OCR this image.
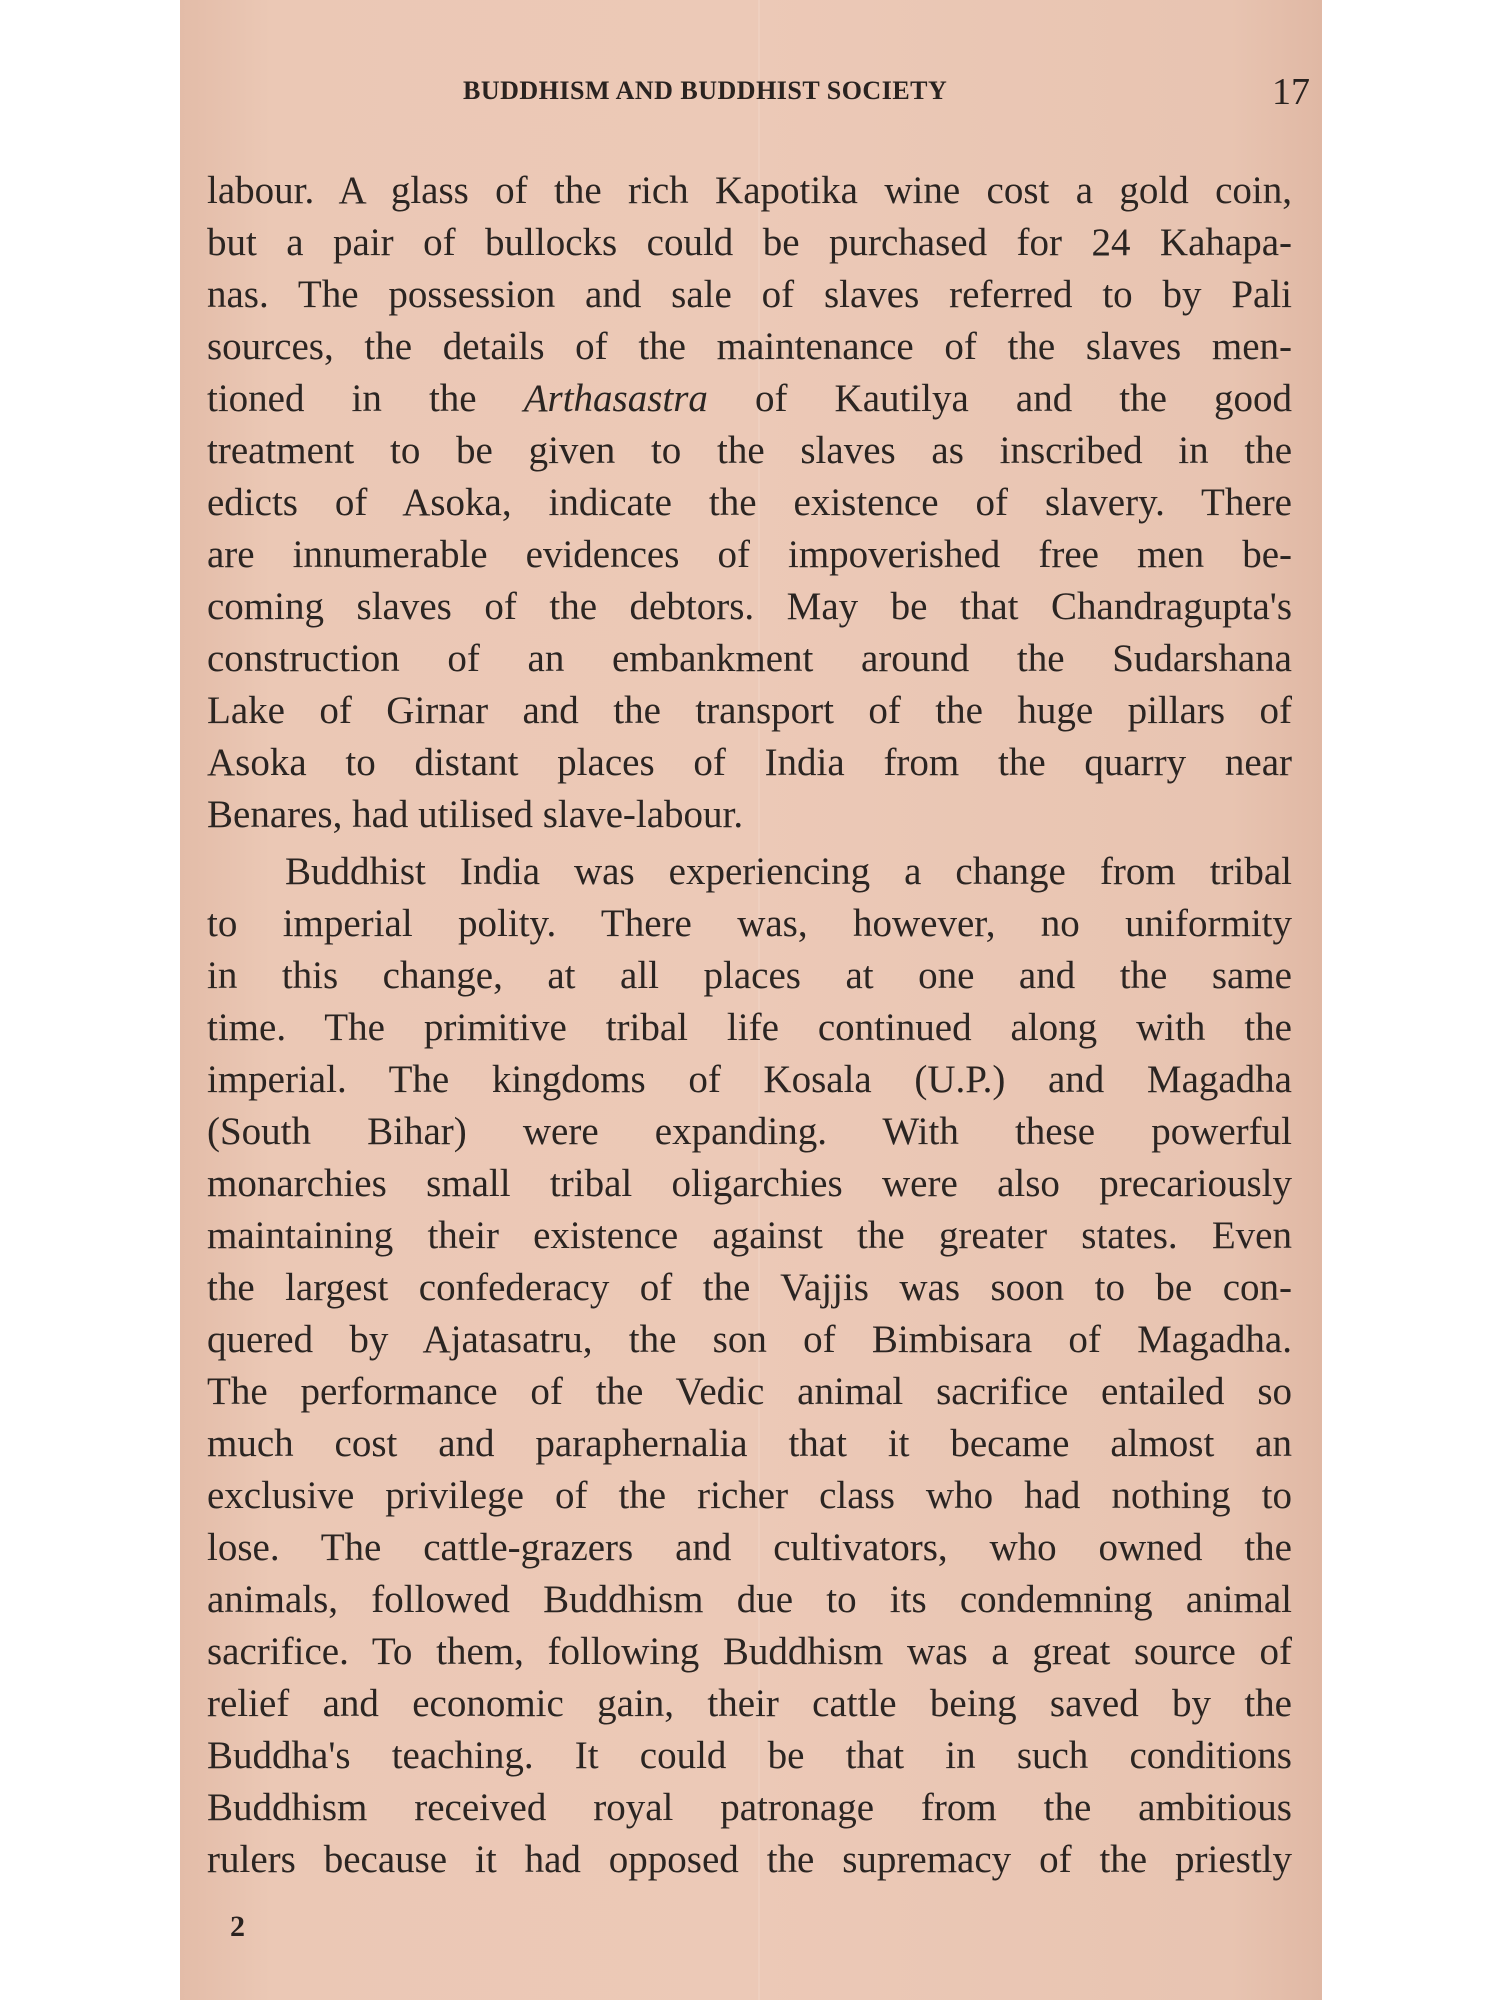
BUDDHISM AND BUDDHIST SOCIETY	17
labour. A glass of the rich Kapotika wine cost a gold coin,
but a pair of bullocks could be purchased for 24 Kahapa-
nas. The possession and sale of slaves referred to by Pali
sources, the details of the maintenance of the slaves men-
tioned in the Arthasastra of Kautilya and the good
treatment to be given to the slaves as inscribed in the
edicts of Asoka, indicate the existence of slavery. There
are innumerable evidences of impoverished free men be-
coming slaves of the debtors. May be that Chandragupta's
construction of an embankment around the Sudarshana
Lake of Girnar and the transport of the huge pillars of
Asoka to distant places of India from the quarry near
Benares, had utilised slave-labour.
Buddhist India was experiencing a change from tribal
to imperial polity. There was, however, no uniformity
in this change, at all places at one and the same
time. The primitive tribal life continued along with the
imperial. The kingdoms of Kosala (U.P.) and Magadha
(South Bihar) were expanding. With these powerful
monarchies small tribal oligarchies were also precariously
maintaining their existence against the greater states. Even
the largest confederacy of the Vajjis was soon to be con-
quered by Ajatasatru, the son of Bimbisara of Magadha.
The performance of the Vedic animal sacrifice entailed so
much cost and paraphernalia that it became almost an
exclusive privilege of the richer class who had nothing to
lose. The cattle-grazers and cultivators, who owned the
animals, followed Buddhism due to its condemning animal
sacrifice. To them, following Buddhism was a great source of
relief and economic gain, their cattle being saved by the
Buddha's teaching. It could be that in such conditions
Buddhism received royal patronage from the ambitious
rulers because it had opposed the supremacy of the priestly
2
